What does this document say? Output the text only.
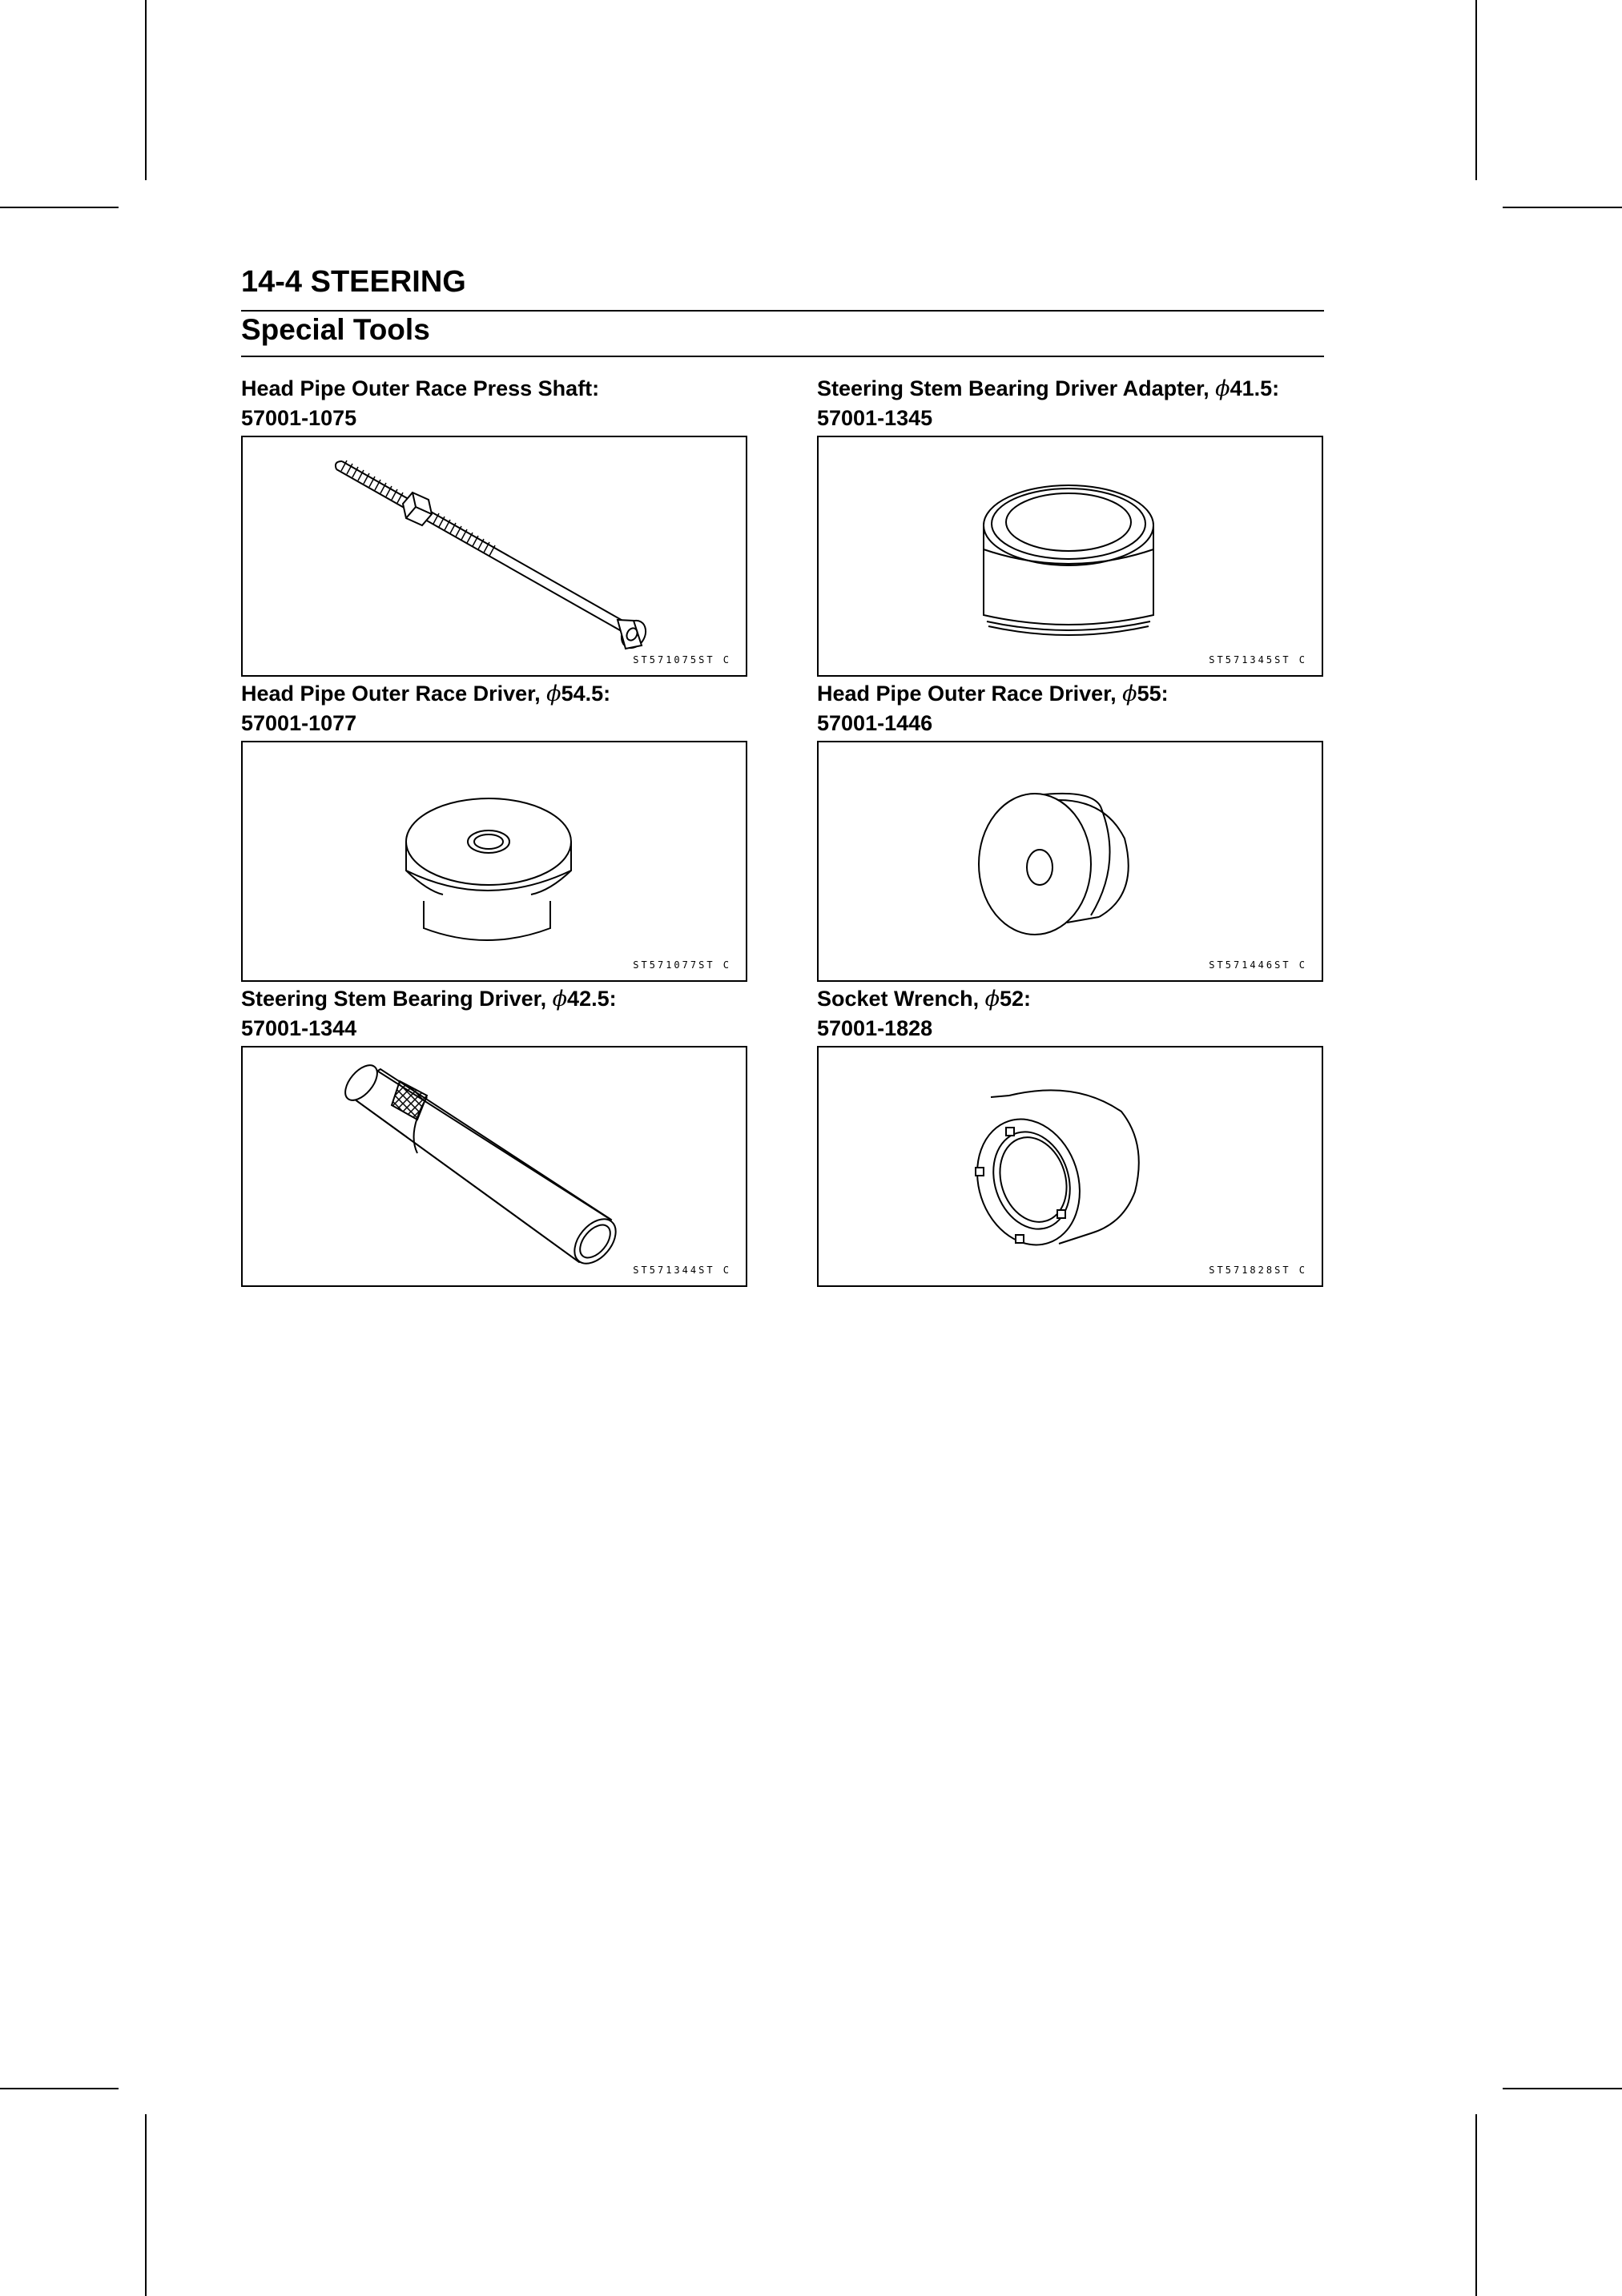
14-4 STEERING
Special Tools
Head Pipe Outer Race Press Shaft:
57001-1075
ST571075ST C
Steering Stem Bearing Driver Adapter, ϕ41.5:
57001-1345
ST571345ST C
Head Pipe Outer Race Driver, ϕ54.5:
57001-1077
ST571077ST C
Head Pipe Outer Race Driver, ϕ55:
57001-1446
ST571446ST C
Steering Stem Bearing Driver, ϕ42.5:
57001-1344
ST571344ST C
Socket Wrench, ϕ52:
57001-1828
ST571828ST C
